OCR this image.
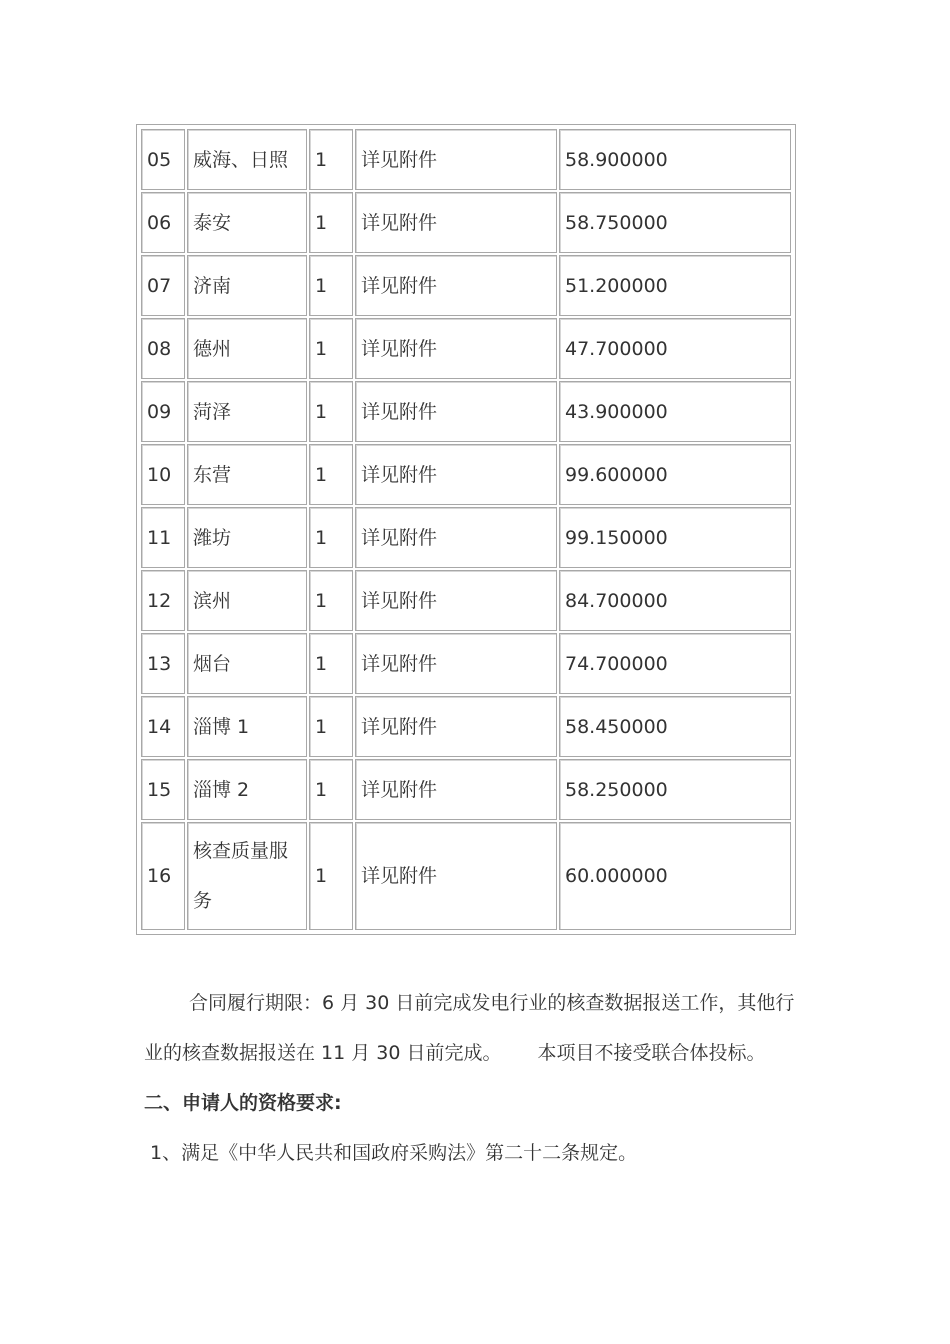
05	威海、日照	1	详见附件	58.900000
06	泰安	1	详见附件	58.750000
07	济南	1	详见附件	51.200000
08	德州	1	详见附件	47.700000
09	菏泽	1	详见附件	43.900000
10	东营	1	详见附件	99.600000
11	潍坊	1	详见附件	99.150000
12	滨州	1	详见附件	84.700000
13	烟台	1	详见附件	74.700000
14	淄博 1	1	详见附件	58.450000
15	淄博 2	1	详见附件	58.250000
16	核查质量服务	1	详见附件	60.000000

合同履行期限：6 月 30 日前完成发电行业的核查数据报送工作，其他行业的核查数据报送在 11 月 30 日前完成。 本项目不接受联合体投标。

二、申请人的资格要求:

1、满足《中华人民共和国政府采购法》第二十二条规定。
